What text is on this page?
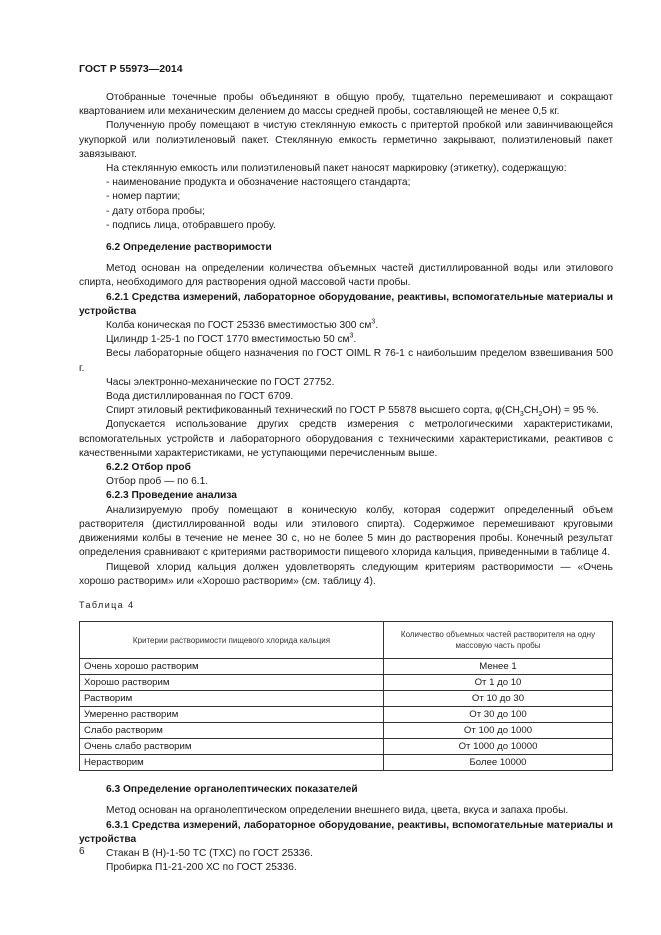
ГОСТ Р 55973—2014

Отобранные точечные пробы объединяют в общую пробу, тщательно перемешивают и сокращают квартованием или механическим делением до массы средней пробы, составляющей не менее 0,5 кг.

Полученную пробу помещают в чистую стеклянную емкость с притертой пробкой или завинчивающейся укупоркой или полиэтиленовый пакет. Стеклянную емкость герметично закрывают, полиэтиленовый пакет завязывают.

На стеклянную емкость или полиэтиленовый пакет наносят маркировку (этикетку), содержащую:

- наименование продукта и обозначение настоящего стандарта;

- номер партии;

- дату отбора пробы;

- подпись лица, отобравшего пробу.

6.2 Определение растворимости

Метод основан на определении количества объемных частей дистиллированной воды или этилового спирта, необходимого для растворения одной массовой части пробы.

6.2.1 Средства измерений, лабораторное оборудование, реактивы, вспомогательные материалы и устройства

Колба коническая по ГОСТ 25336 вместимостью 300 $см^3$.

Цилиндр 1-25-1 по ГОСТ 1770 вместимостью 50 $см^3$.

Весы лабораторные общего назначения по ГОСТ OIML R 76-1 с наибольшим пределом взвешивания 500 г.

Часы электронно-механические по ГОСТ 27752.

Вода дистиллированная по ГОСТ 6709.

Спирт этиловый ректификованный технический по ГОСТ Р 55878 высшего сорта, $\varphi(CH_3CH_2OH) = 95$ %.

Допускается использование других средств измерения с метрологическими характеристиками, вспомогательных устройств и лабораторного оборудования с техническими характеристиками, реактивов с качественными характеристиками, не уступающими перечисленным выше.

6.2.2 Отбор проб

Отбор проб — по 6.1.

6.2.3 Проведение анализа

Анализируемую пробу помещают в коническую колбу, которая содержит определенный объем растворителя (дистиллированной воды или этилового спирта). Содержимое перемешивают круговыми движениями колбы в течение не менее 30 с, но не более 5 мин до растворения пробы. Конечный результат определения сравнивают с критериями растворимости пищевого хлорида кальция, приведенными в таблице 4.

Пищевой хлорид кальция должен удовлетворять следующим критериям растворимости — «Очень хорошо растворим» или «Хорошо растворим» (см. таблицу 4).

Таблица 4

Критерии растворимости пищевого хлорида кальция	Количество объемных частей растворителя на одну массовую часть пробы
Очень хорошо растворим	Менее 1
Хорошо растворим	От 1 до 10
Растворим	От 10 до 30
Умеренно растворим	От 30 до 100
Слабо растворим	От 100 до 1000
Очень слабо растворим	От 1000 до 10000
Нерастворим	Более 10000

6.3 Определение органолептических показателей

Метод основан на органолептическом определении внешнего вида, цвета, вкуса и запаха пробы.

6.3.1 Средства измерений, лабораторное оборудование, реактивы, вспомогательные материалы и устройства

Стакан В (Н)-1-50 ТС (ТХС) по ГОСТ 25336.

Пробирка П1-21-200 ХС по ГОСТ 25336.

6
